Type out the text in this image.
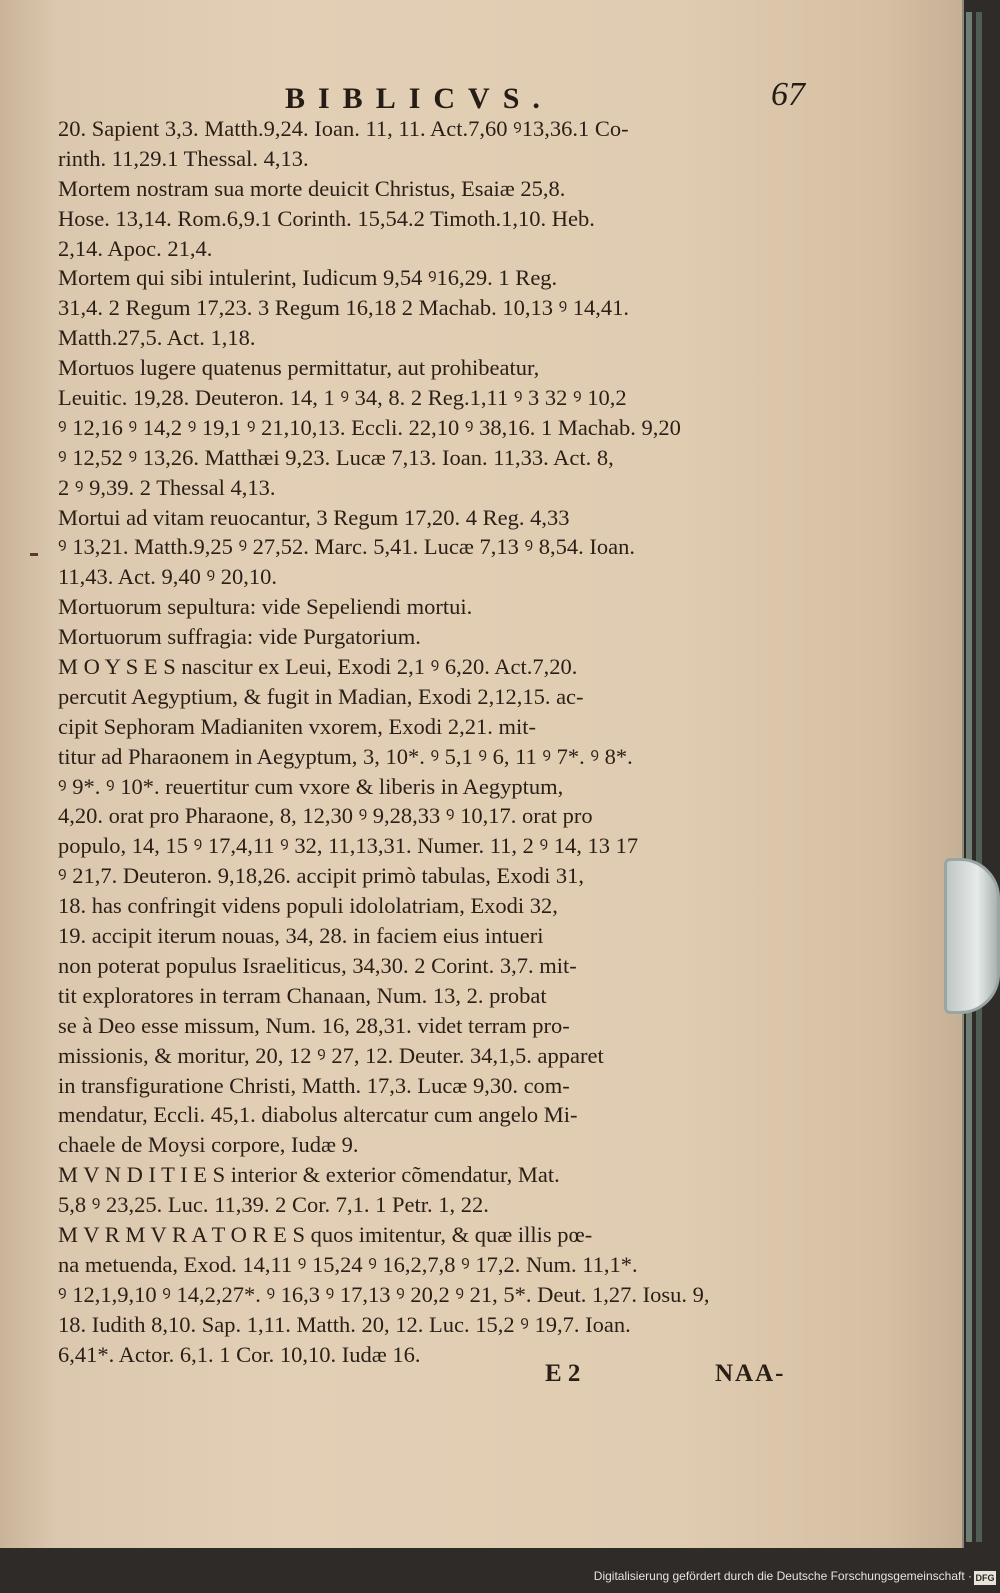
BIBLICVS.	67
20. Sapient 3,3. Matth.9,24. Ioan. 11, 11. Act.7,60 ꝰ13,36.1 Co-
rinth. 11,29.1 Thessal. 4,13.
Mortem nostram sua morte deuicit Christus, Esaiæ 25,8.
Hose. 13,14. Rom.6,9.1 Corinth. 15,54.2 Timoth.1,10. Heb.
2,14. Apoc. 21,4.
Mortem qui sibi intulerint, Iudicum 9,54 ꝰ16,29. 1 Reg.
31,4. 2 Regum 17,23. 3 Regum 16,18 2 Machab. 10,13 ꝰ 14,41.
Matth.27,5. Act. 1,18.
Mortuos lugere quatenus permittatur, aut prohibeatur,
Leuitic. 19,28. Deuteron. 14, 1 ꝰ 34, 8. 2 Reg.1,11 ꝰ 3 32 ꝰ 10,2
ꝰ 12,16 ꝰ 14,2 ꝰ 19,1 ꝰ 21,10,13. Eccli. 22,10 ꝰ 38,16. 1 Machab. 9,20
ꝰ 12,52 ꝰ 13,26. Matthæi 9,23. Lucæ 7,13. Ioan. 11,33. Act. 8,
2 ꝰ 9,39. 2 Thessal 4,13.
Mortui ad vitam reuocantur, 3 Regum 17,20. 4 Reg. 4,33
ꝰ 13,21. Matth.9,25 ꝰ 27,52. Marc. 5,41. Lucæ 7,13 ꝰ 8,54. Ioan.
11,43. Act. 9,40 ꝰ 20,10.
Mortuorum sepultura: vide Sepeliendi mortui.
Mortuorum suffragia: vide Purgatorium.
M O Y S E S nascitur ex Leui, Exodi 2,1 ꝰ 6,20. Act.7,20.
percutit Aegyptium, & fugit in Madian, Exodi 2,12,15. ac-
cipit Sephoram Madianiten vxorem, Exodi 2,21. mit-
titur ad Pharaonem in Aegyptum, 3, 10*. ꝰ 5,1 ꝰ 6, 11 ꝰ 7*. ꝰ 8*.
ꝰ 9*. ꝰ 10*. reuertitur cum vxore & liberis in Aegyptum,
4,20. orat pro Pharaone, 8, 12,30 ꝰ 9,28,33 ꝰ 10,17. orat pro
populo, 14, 15 ꝰ 17,4,11 ꝰ 32, 11,13,31. Numer. 11, 2 ꝰ 14, 13 17
ꝰ 21,7. Deuteron. 9,18,26. accipit primò tabulas, Exodi 31,
18. has confringit videns populi idololatriam, Exodi 32,
19. accipit iterum nouas, 34, 28. in faciem eius intueri
non poterat populus Israeliticus, 34,30. 2 Corint. 3,7. mit-
tit exploratores in terram Chanaan, Num. 13, 2. probat
se à Deo esse missum, Num. 16, 28,31. videt terram pro-
missionis, & moritur, 20, 12 ꝰ 27, 12. Deuter. 34,1,5. apparet
in transfiguratione Christi, Matth. 17,3. Lucæ 9,30. com-
mendatur, Eccli. 45,1. diabolus altercatur cum angelo Mi-
chaele de Moysi corpore, Iudæ 9.
M V N D I T I E S interior & exterior cõmendatur, Mat.
5,8 ꝰ 23,25. Luc. 11,39. 2 Cor. 7,1. 1 Petr. 1, 22.
M V R M V R A T O R E S quos imitentur, & quæ illis pœ-
na metuenda, Exod. 14,11 ꝰ 15,24 ꝰ 16,2,7,8 ꝰ 17,2. Num. 11,1*.
ꝰ 12,1,9,10 ꝰ 14,2,27*. ꝰ 16,3 ꝰ 17,13 ꝰ 20,2 ꝰ 21, 5*. Deut. 1,27. Iosu. 9,
18. Iudith 8,10. Sap. 1,11. Matth. 20, 12. Luc. 15,2 ꝰ 19,7. Ioan.
6,41*. Actor. 6,1. 1 Cor. 10,10. Iudæ 16.
E 2	NAA-
Digitalisierung gefördert durch die Deutsche Forschungsgemeinschaft · DFG
